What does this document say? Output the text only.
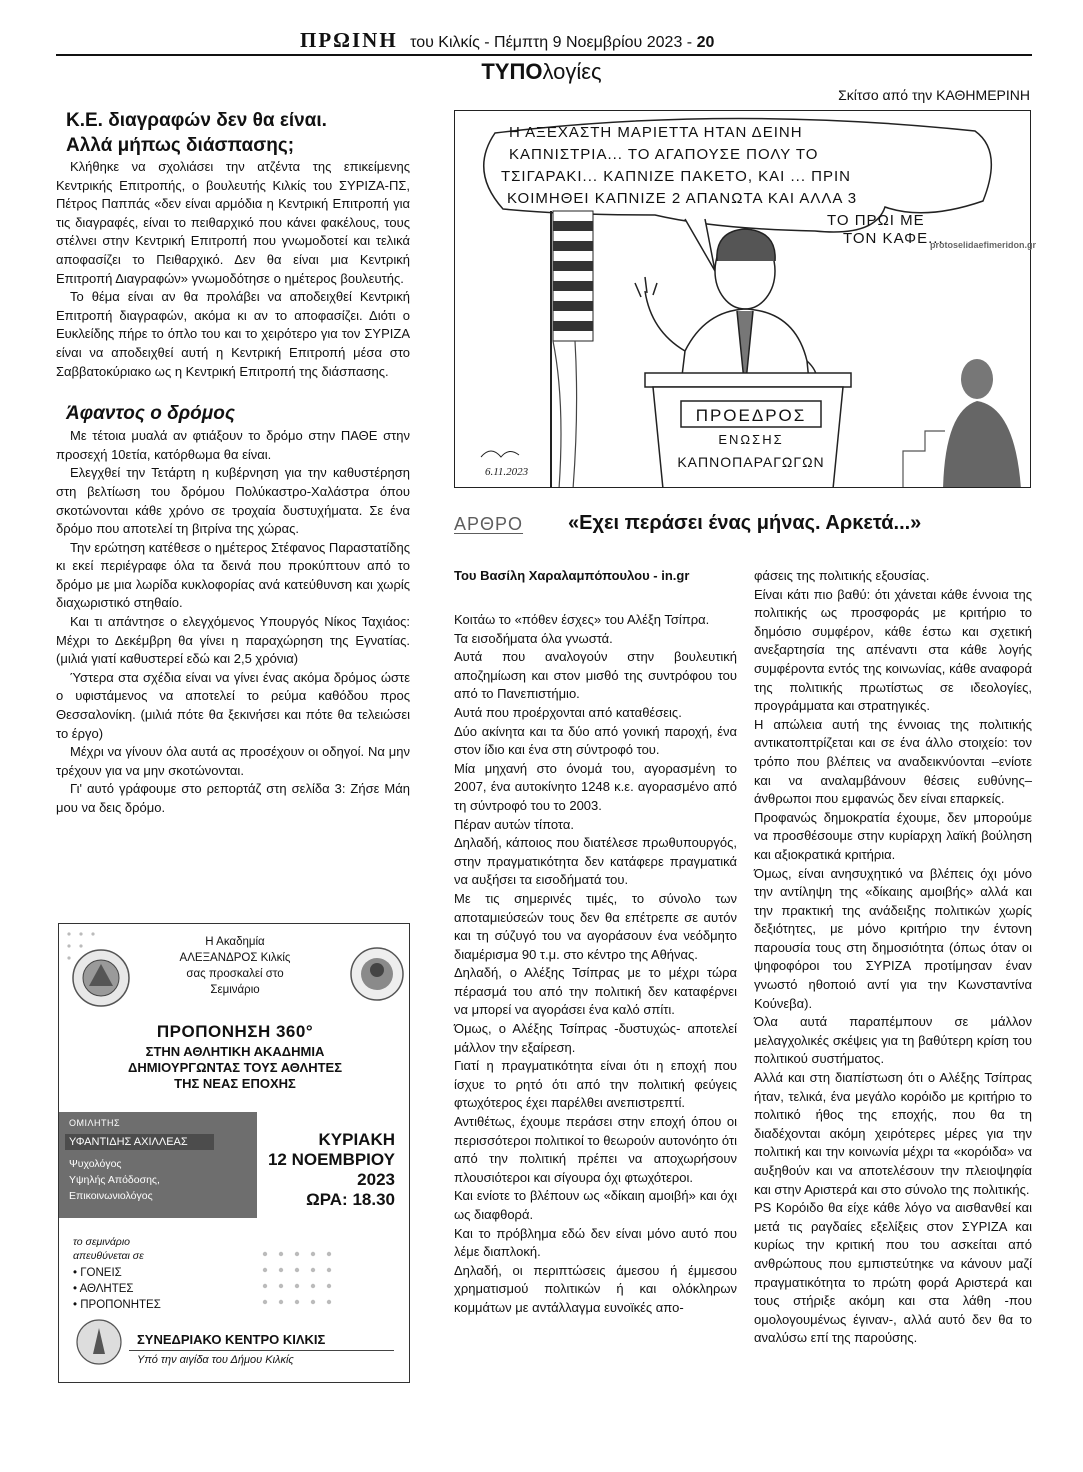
ΠΡΩΙΝΗ του Κιλκίς - Πέμπτη 9 Νοεμβρίου 2023 - 20
ΤΥΠΟλογίες
Κ.Ε. διαγραφών δεν θα είναι.
Αλλά μήπως διάσπασης;

Κλήθηκε να σχολιάσει την ατζέντα της επικείμενης Κεντρικής Επιτροπής, ο βουλευτής Κιλκίς του ΣΥΡΙΖΑ-ΠΣ, Πέτρος Παππάς «δεν είναι αρμόδια η Κεντρική Επιτροπή για τις διαγραφές, είναι το πειθαρχικό που κάνει φακέλους, τους στέλνει στην Κεντρική Επιτροπή που γνωμοδοτεί και τελικά αποφασίζει το Πειθαρχικό. Δεν θα είναι μια Κεντρική Επιτροπή Διαγραφών» γνωμοδότησε ο ημέτερος βουλευτής.

Το θέμα είναι αν θα προλάβει να αποδειχθεί Κεντρική Επιτροπή διαγραφών, ακόμα κι αν το αποφασίζει. Διότι ο Ευκλείδης πήρε το όπλο του και το χειρότερο για τον ΣΥΡΙΖΑ είναι να αποδειχθεί αυτή η Κεντρική Επιτροπή μέσα στο Σαββατοκύριακο ως η Κεντρική Επιτροπή της διάσπασης.

Άφαντος ο δρόμος

Με τέτοια μυαλά αν φτιάξουν το δρόμο στην ΠΑΘΕ στην προσεχή 10ετία, κατόρθωμα θα είναι.

Ελεγχθεί την Τετάρτη η κυβέρνηση για την καθυστέρηση στη βελτίωση του δρόμου Πολύκαστρο-Χαλάστρα όπου σκοτώνονται κάθε χρόνο σε τροχαία δυστυχήματα. Σε ένα δρόμο που αποτελεί τη βιτρίνα της χώρας.

Την ερώτηση κατέθεσε ο ημέτερος Στέφανος Παραστατίδης κι εκεί περιέγραφε όλα τα δεινά που προκύπτουν από το δρόμο με μια λωρίδα κυκλοφορίας ανά κατεύθυνση και χωρίς διαχωριστικό στηθαίο.

Και τι απάντησε ο ελεγχόμενος Υπουργός Νίκος Ταχιάος: Μέχρι το Δεκέμβρη θα γίνει η παραχώρηση της Εγνατίας. (μιλιά γιατί καθυστερεί εδώ και 2,5 χρόνια)

Ύστερα στα σχέδια είναι να γίνει ένας ακόμα δρόμος ώστε ο υφιστάμενος να αποτελεί το ρεύμα καθόδου προς Θεσσαλονίκη. (μιλιά πότε θα ξεκινήσει και πότε θα τελειώσει το έργο)

Μέχρι να γίνουν όλα αυτά ας προσέχουν οι οδηγοί. Να μην τρέχουν για να μην σκοτώνονται.

Γι' αυτό γράφουμε στο ρεπορτάζ στη σελίδα 3: Ζήσε Μάη μου να δεις δρόμο.

Σκίτσο από την ΚΑΘΗΜΕΡΙΝΗ
Η ΑΞΕΧΑΣΤΗ ΜΑΡΙΕΤΤΑ ΗΤΑΝ ΔΕΙΝΗ
ΚΑΠΝΙΣΤΡΙΑ... ΤΟ ΑΓΑΠΟΥΣΕ ΠΟΛΥ ΤΟ
ΤΣΙΓΑΡΑΚΙ... ΚΑΠΝΙΖΕ ΠΑΚΕΤΟ, ΚΑΙ ... ΠΡΙΝ
ΚΟΙΜΗΘΕΙ ΚΑΠΝΙΖΕ 2 ΑΠΑΝΩΤΑ ΚΑΙ ΑΛΛΑ 3
ΤΟ ΠΡΩΙ ΜΕ
ΤΟΝ ΚΑΦΕ...
ΠΡΟΕΔΡΟΣ
ΕΝΩΣΗΣ
ΚΑΠΝΟΠΑΡΑΓΩΓΩΝ
6.11.2023
protoselidaefimeridon.gr
ΑΡΘΡΟ	«Εχει περάσει ένας μήνας. Αρκετά...»

Του Βασίλη Χαραλαμπόπουλου - in.gr

Κοιτάω το «πόθεν έσχες» του Αλέξη Τσίπρα.

Τα εισοδήματα όλα γνωστά.

Αυτά που αναλογούν στην βουλευτική αποζημίωση και στον μισθό της συντρόφου του από το Πανεπιστήμιο.

Αυτά που προέρχονται από καταθέσεις.

Δύο ακίνητα και τα δύο από γονική παροχή, ένα στον ίδιο και ένα στη σύντροφό του.

Μία μηχανή στο όνομά του, αγορασμένη το 2007, ένα αυτοκίνητο 1248 κ.ε. αγορασμένο από τη σύντροφό του το 2003.

Πέραν αυτών τίποτα.

Δηλαδή, κάποιος που διατέλεσε πρωθυπουργός, στην πραγματικότητα δεν κατάφερε πραγματικά να αυξήσει τα εισοδήματά του.

Με τις σημερινές τιμές, το σύνολο των αποταμιεύσεών τους δεν θα επέτρεπε σε αυτόν και τη σύζυγό του να αγοράσουν ένα νεόδμητο διαμέρισμα 90 τ.μ. στο κέντρο της Αθήνας.

Δηλαδή, ο Αλέξης Τσίπρας με το μέχρι τώρα πέρασμά του από την πολιτική δεν καταφέρνει να μπορεί να αγοράσει ένα καλό σπίτι.

Όμως, ο Αλέξης Τσίπρας -δυστυχώς- αποτελεί μάλλον την εξαίρεση.

Γιατί η πραγματικότητα είναι ότι η εποχή που ίσχυε το ρητό ότι από την πολιτική φεύγεις φτωχότερος έχει παρέλθει ανεπιστρεπτί.

Αντιθέτως, έχουμε περάσει στην εποχή όπου οι περισσότεροι πολιτικοί το θεωρούν αυτονόητο ότι από την πολιτική πρέπει να αποχωρήσουν πλουσιότεροι και σίγουρα όχι φτωχότεροι.

Και ενίοτε το βλέπουν ως «δίκαιη αμοιβή» και όχι ως διαφθορά.

Και το πρόβλημα εδώ δεν είναι μόνο αυτό που λέμε διαπλοκή.

Δηλαδή, οι περιπτώσεις άμεσου ή έμμεσου χρηματισμού πολιτικών ή και ολόκληρων κομμάτων με αντάλλαγμα ευνοϊκές απο-

φάσεις της πολιτικής εξουσίας.

Είναι κάτι πιο βαθύ: ότι χάνεται κάθε έννοια της πολιτικής ως προσφοράς με κριτήριο το δημόσιο συμφέρον, κάθε έστω και σχετική ανεξαρτησία της απέναντι στα κάθε λογής συμφέροντα εντός της κοινωνίας, κάθε αναφορά της πολιτικής πρωτίστως σε ιδεολογίες, προγράμματα και στρατηγικές.

Η απώλεια αυτή της έννοιας της πολιτικής αντικατοπτρίζεται και σε ένα άλλο στοιχείο: τον τρόπο που βλέπεις να αναδεικνύονται –ενίοτε και να αναλαμβάνουν θέσεις ευθύνης– άνθρωποι που εμφανώς δεν είναι επαρκείς.

Προφανώς δημοκρατία έχουμε, δεν μπορούμε να προσθέσουμε στην κυρίαρχη λαϊκή βούληση και αξιοκρατικά κριτήρια.

Όμως, είναι ανησυχητικό να βλέπεις όχι μόνο την αντίληψη της «δίκαιης αμοιβής» αλλά και την πρακτική της ανάδειξης πολιτικών χωρίς δεξιότητες, με μόνο κριτήριο την έντονη παρουσία τους στη δημοσιότητα (όπως όταν οι ψηφοφόροι του ΣΥΡΙΖΑ προτίμησαν έναν γνωστό ηθοποιό αντί για την Κωνσταντίνα Κούνεβα).

Όλα αυτά παραπέμπουν σε μάλλον μελαγχολικές σκέψεις για τη βαθύτερη κρίση του πολιτικού συστήματος.

Αλλά και στη διαπίστωση ότι ο Αλέξης Τσίπρας ήταν, τελικά, ένα μεγάλο κορόιδο με κριτήριο το πολιτικό ήθος της εποχής, που θα τη διαδέχονται ακόμη χειρότερες μέρες για την πολιτική και την κοινωνία μέχρι τα «κορόιδα» να αυξηθούν και να αποτελέσουν την πλειοψηφία και στην Αριστερά και στο σύνολο της πολιτικής.

PS Κορόιδο θα είχε κάθε λόγο να αισθανθεί και μετά τις ραγδαίες εξελίξεις στον ΣΥΡΙΖΑ και κυρίως την κριτική που του ασκείται από ανθρώπους που εμπιστεύτηκε να κάνουν μαζί πραγματικότητα το πρώτη φορά Αριστερά και τους στήριξε ακόμη και στα λάθη -που ομολογουμένως έγιναν-, αλλά αυτό δεν θα το αναλύσω επί της παρούσης.

Η Ακαδημία
ΑΛΕΞΑΝΔΡΟΣ Κιλκίς
σας προσκαλεί στο
Σεμινάριο
ΠΡΟΠΟΝΗΣΗ 360°
ΣΤΗΝ ΑΘΛΗΤΙΚΗ ΑΚΑΔΗΜΙΑ
ΔΗΜΙΟΥΡΓΩΝΤΑΣ ΤΟΥΣ ΑΘΛΗΤΕΣ
ΤΗΣ ΝΕΑΣ ΕΠΟΧΗΣ
ΟΜΙΛΗΤΗΣ
ΥΦΑΝΤΙΔΗΣ ΑΧΙΛΛΕΑΣ
Ψυχολόγος
Υψηλής Απόδοσης,
Επικοινωνιολόγος
ΚΥΡΙΑΚΗ
12 ΝΟΕΜΒΡΙΟΥ
2023
ΩΡΑ: 18.30
το σεμινάριο
απευθύνεται σε
• ΓΟΝΕΙΣ
• ΑΘΛΗΤΕΣ
• ΠΡΟΠΟΝΗΤΕΣ
ΣΥΝΕΔΡΙΑΚΟ ΚΕΝΤΡΟ ΚΙΛΚΙΣ
Υπό την αιγίδα του Δήμου Κιλκίς
